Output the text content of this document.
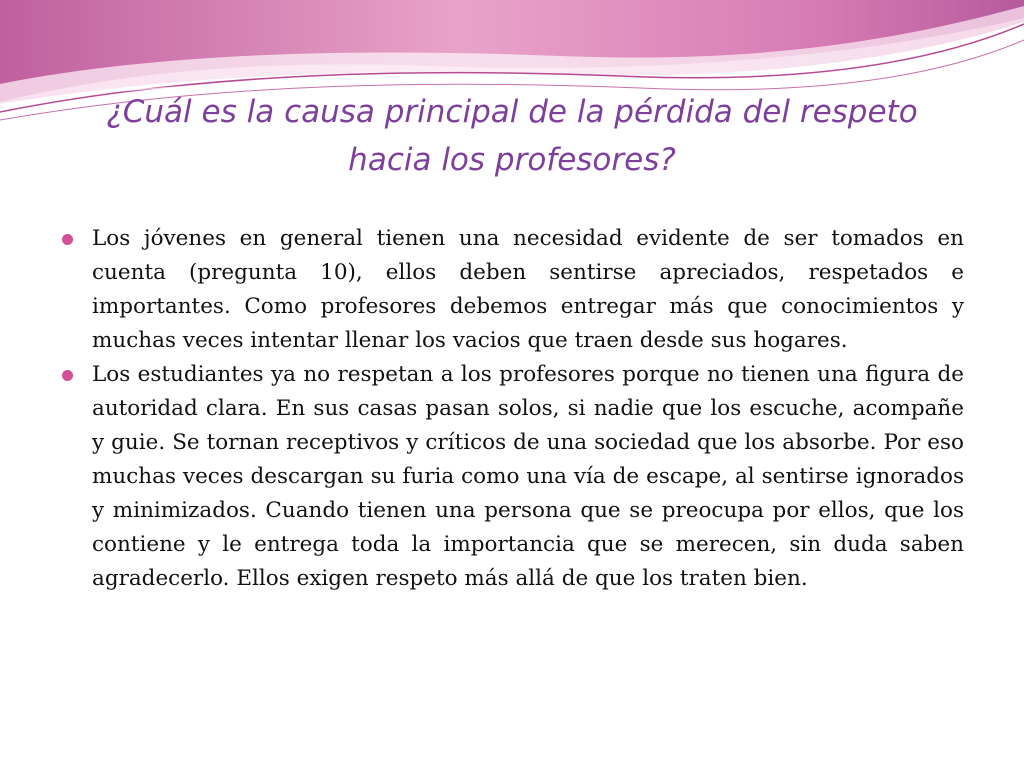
¿Cuál es la causa principal de la pérdida del respeto
hacia los profesores?
Los jóvenes en general tienen una necesidad evidente de ser tomados en cuenta (pregunta 10), ellos deben sentirse apreciados, respetados e importantes. Como profesores debemos entregar más que conocimientos y muchas veces intentar llenar los vacios que traen desde sus hogares.
Los estudiantes ya no respetan a los profesores porque no tienen una figura de autoridad clara. En sus casas pasan solos, si nadie que los escuche, acompañe y guie. Se tornan receptivos y críticos de una sociedad que los absorbe. Por eso muchas veces descargan su furia como una vía de escape, al sentirse ignorados y minimizados. Cuando tienen una persona que se preocupa por ellos, que los contiene y le entrega toda la importancia que se merecen, sin duda saben agradecerlo. Ellos exigen respeto más allá de que los traten bien.
